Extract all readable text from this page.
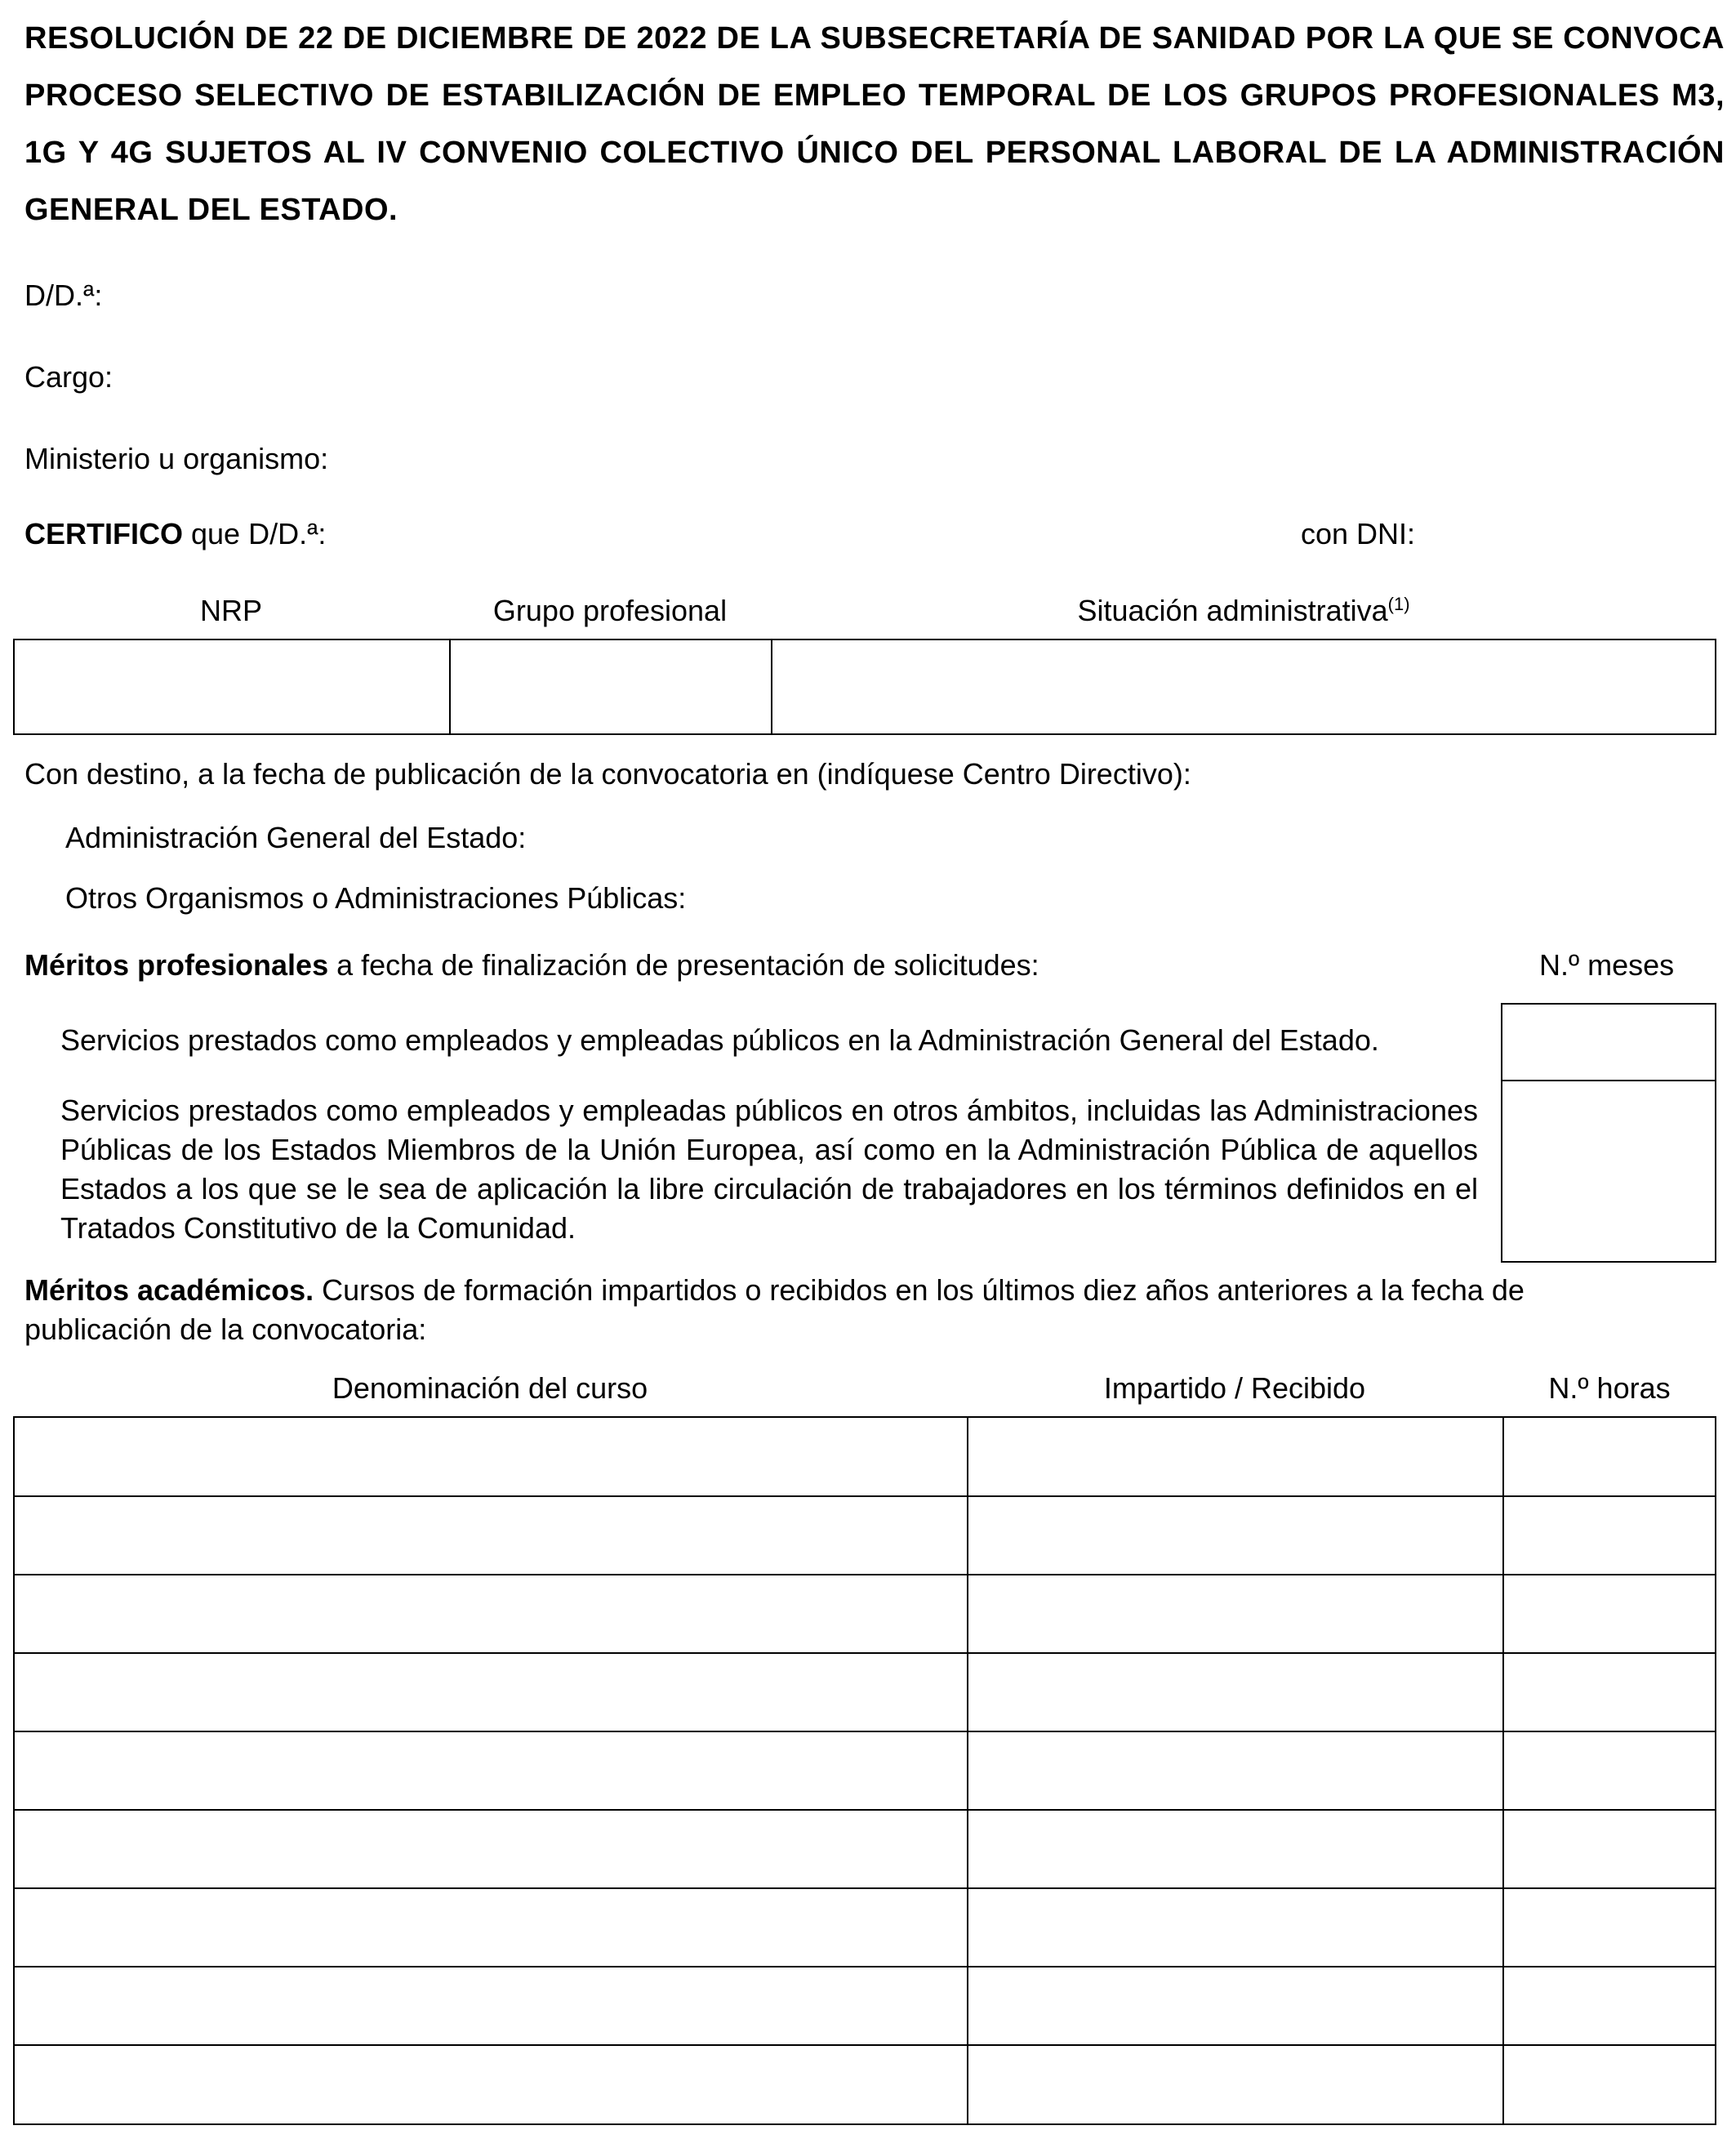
RESOLUCIÓN DE 22 DE DICIEMBRE DE 2022 DE LA SUBSECRETARÍA DE SANIDAD POR LA QUE SE CONVOCA PROCESO SELECTIVO DE ESTABILIZACIÓN DE EMPLEO TEMPORAL DE LOS GRUPOS PROFESIONALES M3, 1G Y 4G SUJETOS AL IV CONVENIO COLECTIVO ÚNICO DEL PERSONAL LABORAL DE LA ADMINISTRACIÓN GENERAL DEL ESTADO.

D/D.ª:
Cargo:
Ministerio u organismo:
CERTIFICO que D/D.ª:	con DNI:
NRP	Grupo profesional	Situación administrativa$^{(1)}$
Con destino, a la fecha de publicación de la convocatoria en (indíquese Centro Directivo):
Administración General del Estado:
Otros Organismos o Administraciones Públicas:
Méritos profesionales a fecha de finalización de presentación de solicitudes:	N.º meses

Servicios prestados como empleados y empleadas públicos en la Administración General del Estado.

Servicios prestados como empleados y empleadas públicos en otros ámbitos, incluidas las Administraciones Públicas de los Estados Miembros de la Unión Europea, así como en la Administración Pública de aquellos Estados a los que se le sea de aplicación la libre circulación de trabajadores en los términos definidos en el Tratados Constitutivo de la Comunidad.

Méritos académicos. Cursos de formación impartidos o recibidos en los últimos diez años anteriores a la fecha de publicación de la convocatoria:

Denominación del curso	Impartido / Recibido	N.º horas
